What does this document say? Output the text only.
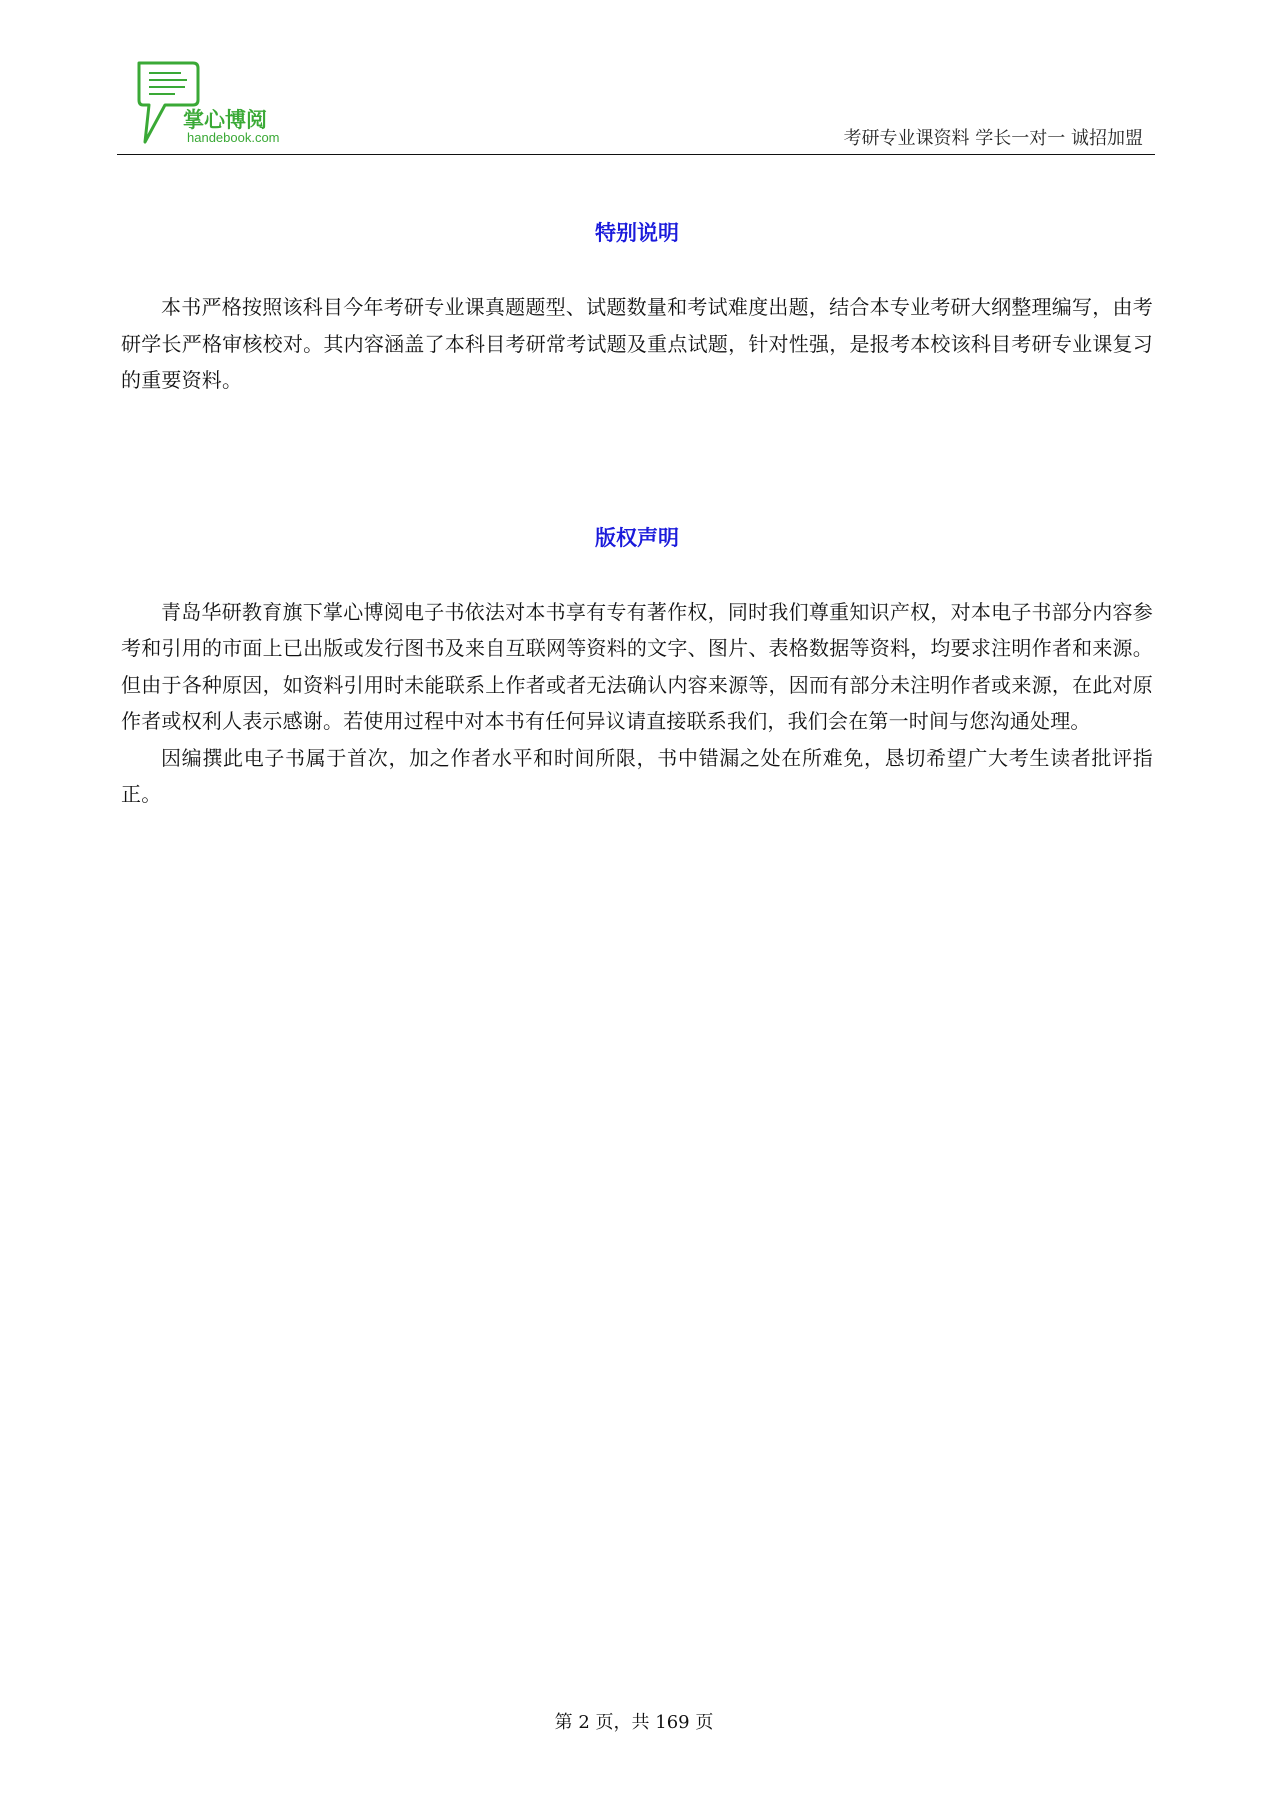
掌心博阅
handebook.com	考研专业课资料 学长一对一 诚招加盟
特别说明

本书严格按照该科目今年考研专业课真题题型、试题数量和考试难度出题，结合本专业考研大纲整理编写，由考研学长严格审核校对。其内容涵盖了本科目考研常考试题及重点试题，针对性强，是报考本校该科目考研专业课复习的重要资料。

版权声明

青岛华研教育旗下掌心博阅电子书依法对本书享有专有著作权，同时我们尊重知识产权，对本电子书部分内容参考和引用的市面上已出版或发行图书及来自互联网等资料的文字、图片、表格数据等资料，均要求注明作者和来源。但由于各种原因，如资料引用时未能联系上作者或者无法确认内容来源等，因而有部分未注明作者或来源，在此对原作者或权利人表示感谢。若使用过程中对本书有任何异议请直接联系我们，我们会在第一时间与您沟通处理。

因编撰此电子书属于首次，加之作者水平和时间所限，书中错漏之处在所难免，恳切希望广大考生读者批评指正。

第 2 页，共 169 页
